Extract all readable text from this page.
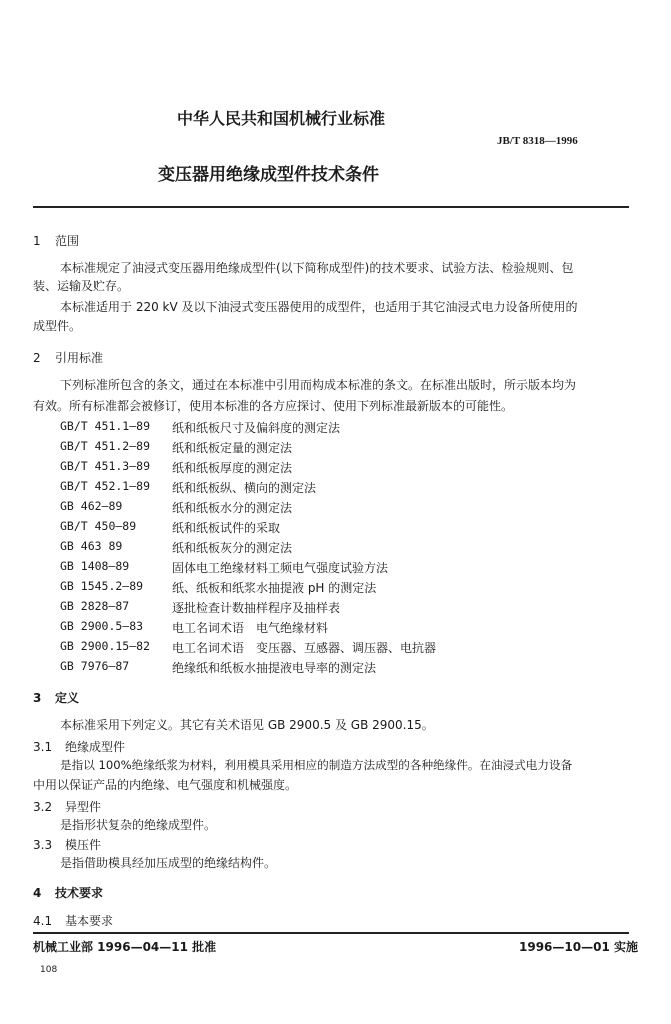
中华人民共和国机械行业标准
JB/T 8318—1996
变压器用绝缘成型件技术条件
1 范围
本标准规定了油浸式变压器用绝缘成型件(以下简称成型件)的技术要求、试验方法、检验规则、包
装、运输及贮存。
本标准适用于 220 kV 及以下油浸式变压器使用的成型件，也适用于其它油浸式电力设备所使用的
成型件。
2 引用标准
下列标准所包含的条文，通过在本标准中引用而构成本标准的条文。在标准出版时，所示版本均为
有效。所有标准都会被修订，使用本标准的各方应探讨、使用下列标准最新版本的可能性。
GB/T 451.1—89 纸和纸板尺寸及偏斜度的测定法
GB/T 451.2—89 纸和纸板定量的测定法
GB/T 451.3—89 纸和纸板厚度的测定法
GB/T 452.1—89 纸和纸板纵、横向的测定法
GB 462—89	纸和纸板水分的测定法
GB/T 450—89	纸和纸板试件的采取
GB 463 89	纸和纸板灰分的测定法
GB 1408—89	固体电工绝缘材料工频电气强度试验方法
GB 1545.2—89 纸、纸板和纸浆水抽提液 pH 的测定法
GB 2828—87	逐批检查计数抽样程序及抽样表
GB 2900.5—83 电工名词术语　电气绝缘材料
GB 2900.15—82 电工名词术语　变压器、互感器、调压器、电抗器
GB 7976—87	绝缘纸和纸板水抽提液电导率的测定法
3 定义
本标准采用下列定义。其它有关术语见 GB 2900.5 及 GB 2900.15。
3.1 绝缘成型件
是指以 100%绝缘纸浆为材料，利用模具采用相应的制造方法成型的各种绝缘件。在油浸式电力设备
中用以保证产品的内绝缘、电气强度和机械强度。
3.2 异型件
是指形状复杂的绝缘成型件。
3.3 模压件
是指借助模具经加压成型的绝缘结构件。
4 技术要求
4.1 基本要求
机械工业部 1996—04—11 批准	1996—10—01 实施
108
